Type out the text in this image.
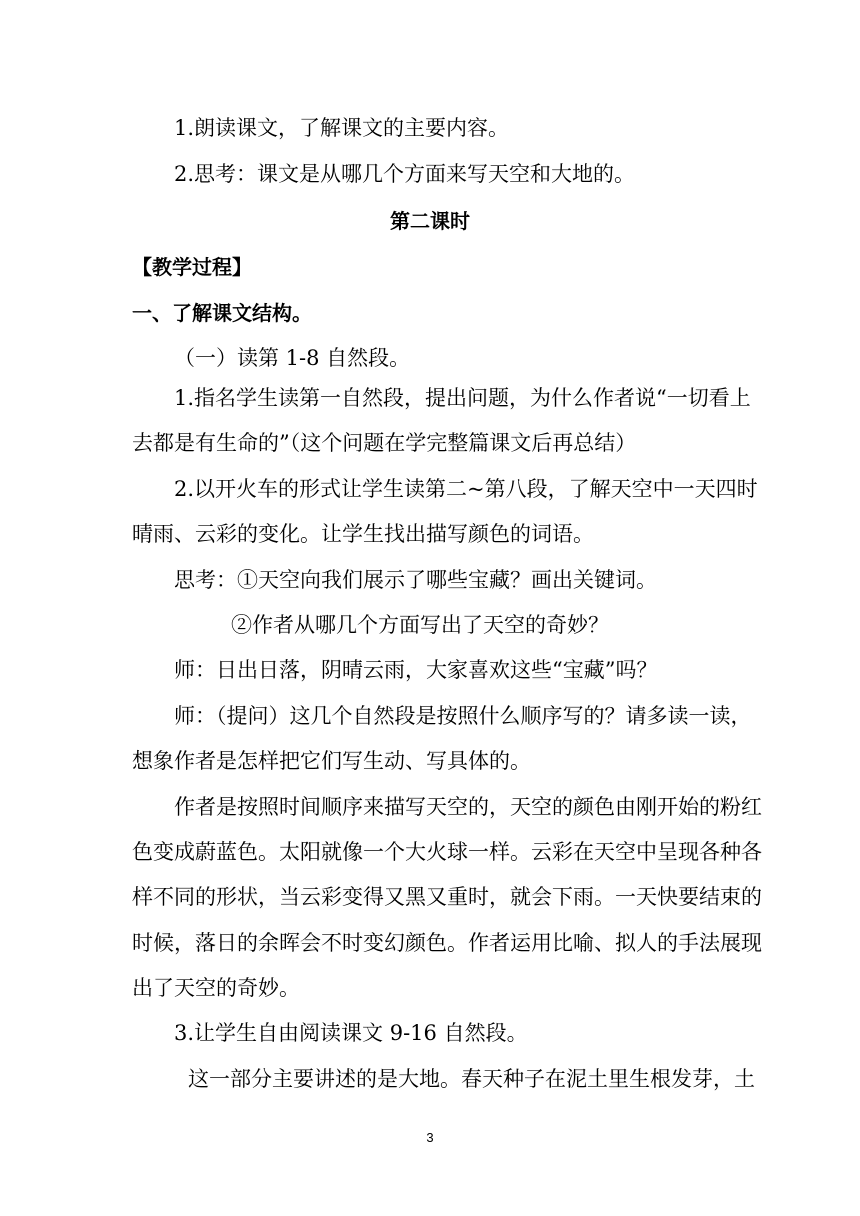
1.朗读课文，了解课文的主要内容。
2.思考：课文是从哪几个方面来写天空和大地的。
第二课时
【教学过程】
一、了解课文结构。
（一）读第 1-8 自然段。
1.指名学生读第一自然段，提出问题，为什么作者说“一切看上
去都是有生命的”（这个问题在学完整篇课文后再总结）
2.以开火车的形式让学生读第二~第八段，了解天空中一天四时
晴雨、云彩的变化。让学生找出描写颜色的词语。
思考：①天空向我们展示了哪些宝藏？画出关键词。
②作者从哪几个方面写出了天空的奇妙？
师：日出日落，阴晴云雨，大家喜欢这些“宝藏”吗？
师：（提问）这几个自然段是按照什么顺序写的？请多读一读，
想象作者是怎样把它们写生动、写具体的。
作者是按照时间顺序来描写天空的，天空的颜色由刚开始的粉红
色变成蔚蓝色。太阳就像一个大火球一样。云彩在天空中呈现各种各
样不同的形状，当云彩变得又黑又重时，就会下雨。一天快要结束的
时候，落日的余晖会不时变幻颜色。作者运用比喻、拟人的手法展现
出了天空的奇妙。
3.让学生自由阅读课文 9-16 自然段。
这一部分主要讲述的是大地。春天种子在泥土里生根发芽，土
3
